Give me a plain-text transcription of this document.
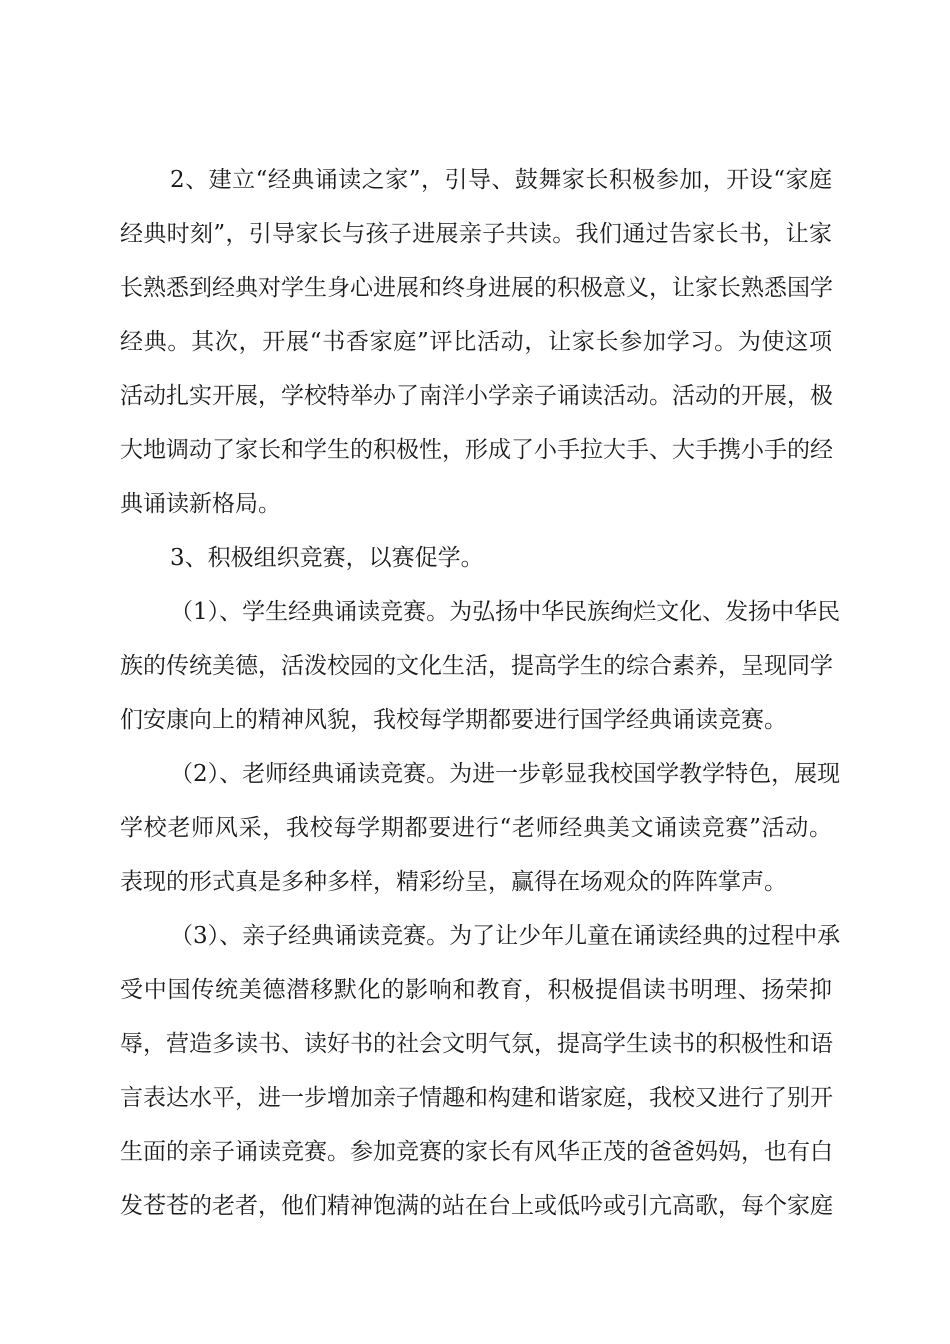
2、建立“经典诵读之家”，引导、鼓舞家长积极参加，开设“家庭
经典时刻”，引导家长与孩子进展亲子共读。我们通过告家长书，让家
长熟悉到经典对学生身心进展和终身进展的积极意义，让家长熟悉国学
经典。其次，开展“书香家庭”评比活动，让家长参加学习。为使这项
活动扎实开展，学校特举办了南洋小学亲子诵读活动。活动的开展，极
大地调动了家长和学生的积极性，形成了小手拉大手、大手携小手的经
典诵读新格局。
3、积极组织竞赛，以赛促学。
（1）、学生经典诵读竞赛。为弘扬中华民族绚烂文化、发扬中华民
族的传统美德，活泼校园的文化生活，提高学生的综合素养，呈现同学
们安康向上的精神风貌，我校每学期都要进行国学经典诵读竞赛。
（2）、老师经典诵读竞赛。为进一步彰显我校国学教学特色，展现
学校老师风采，我校每学期都要进行“老师经典美文诵读竞赛”活动。
表现的形式真是多种多样，精彩纷呈，赢得在场观众的阵阵掌声。
（3）、亲子经典诵读竞赛。为了让少年儿童在诵读经典的过程中承
受中国传统美德潜移默化的影响和教育，积极提倡读书明理、扬荣抑
辱，营造多读书、读好书的社会文明气氛，提高学生读书的积极性和语
言表达水平，进一步增加亲子情趣和构建和谐家庭，我校又进行了别开
生面的亲子诵读竞赛。参加竞赛的家长有风华正茂的爸爸妈妈，也有白
发苍苍的老者，他们精神饱满的站在台上或低吟或引亢高歌，每个家庭
